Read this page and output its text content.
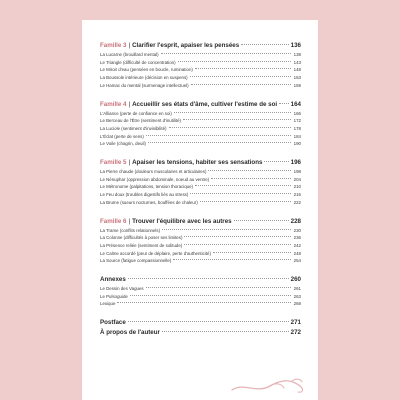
Famille 3 | Clarifier l'esprit, apaiser les pensées	136
La Lucarne (brouillard mental)	138
Le Triangle (difficulté de concentration)	143
Le Miroir d'eau (pensées en boucle, rumination)	148
La Boussole intérieure (décision en suspens)	153
Le Hamac du mental (surmenage intellectuel)	159
Famille 4 | Accueillir ses états d'âme, cultiver l'estime de soi 164
L'Alliance (perte de confiance en soi)	166
Le Berceau de l'Être (sentiment d'inutilité)	172
La Luciole (sentiment d'invisibilité)	178
L'Éclat (perte de sens)	184
Le Voile (chagrin, deuil)	190
Famille 5 | Apaiser les tensions, habiter ses sensations	196
La Pierre chaude (douleurs musculaires et articulaires)	198
Le Nénuphar (oppression abdominale, noeud au ventre)	204
Le Métronome (palpitations, tension thoracique)	210
Le Feu doux (troubles digestifs liés au stress)	216
La Brume (sueurs nocturnes, bouffées de chaleur)	222
Famille 6 | Trouver l'équilibre avec les autres	228
La Trame (conflits relationnels)	230
La Colonne (difficultés à poser ses limites)	236
La Présence reliée (sentiment de solitude)	242
Le Calme accordé (peur de déplaire, perte d'authenticité)	248
La Source (fatigue compassionnelle)	254
Annexes	260
Le Dessin des Vagues	261
Le Pulsoguide	263
Lexique	268
Postface	271
À propos de l'auteur	272
